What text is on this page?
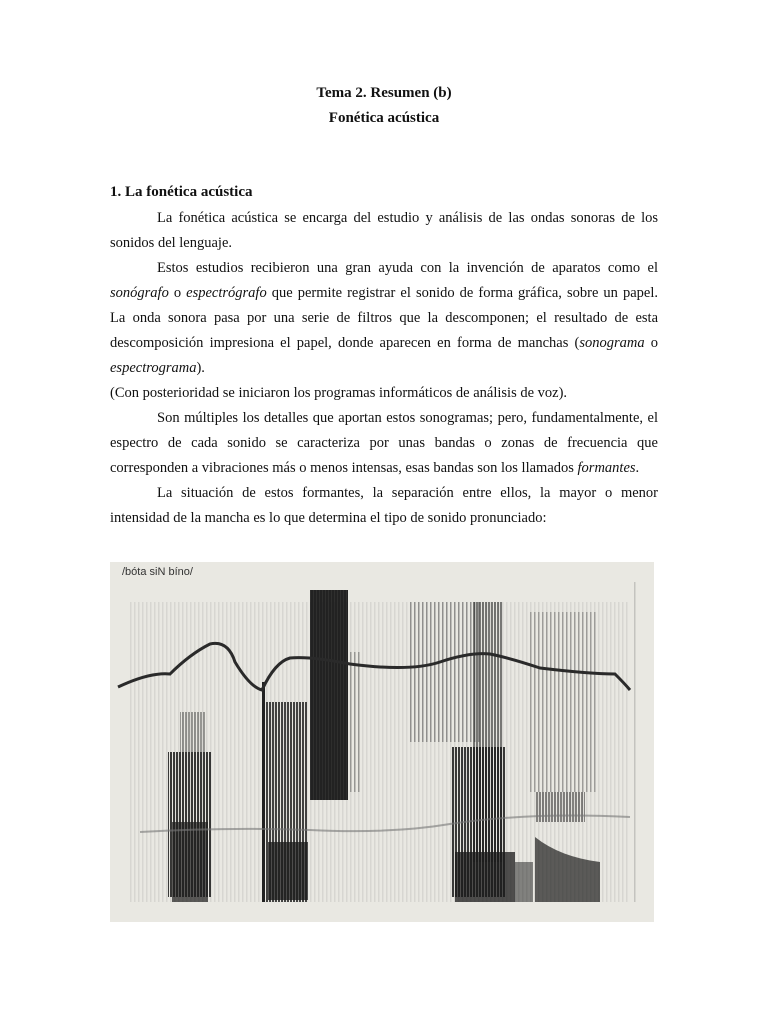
Tema 2. Resumen (b)
Fonética acústica
1. La fonética acústica

La fonética acústica se encarga del estudio y análisis de las ondas sonoras de los sonidos del lenguaje.

Estos estudios recibieron una gran ayuda con la invención de aparatos como el sonógrafo o espectrógrafo que permite registrar el sonido de forma gráfica, sobre un papel. La onda sonora pasa por una serie de filtros que la descomponen; el resultado de esta descomposición impresiona el papel, donde aparecen en forma de manchas (sonograma o espectrograma).

(Con posterioridad se iniciaron los programas informáticos de análisis de voz).

Son múltiples los detalles que aportan estos sonogramas; pero, fundamentalmente, el espectro de cada sonido se caracteriza por unas bandas o zonas de frecuencia que corresponden a vibraciones más o menos intensas, esas bandas son los llamados formantes.

La situación de estos formantes, la separación entre ellos, la mayor o menor intensidad de la mancha es lo que determina el tipo de sonido pronunciado:

/bóta siN bíno/
